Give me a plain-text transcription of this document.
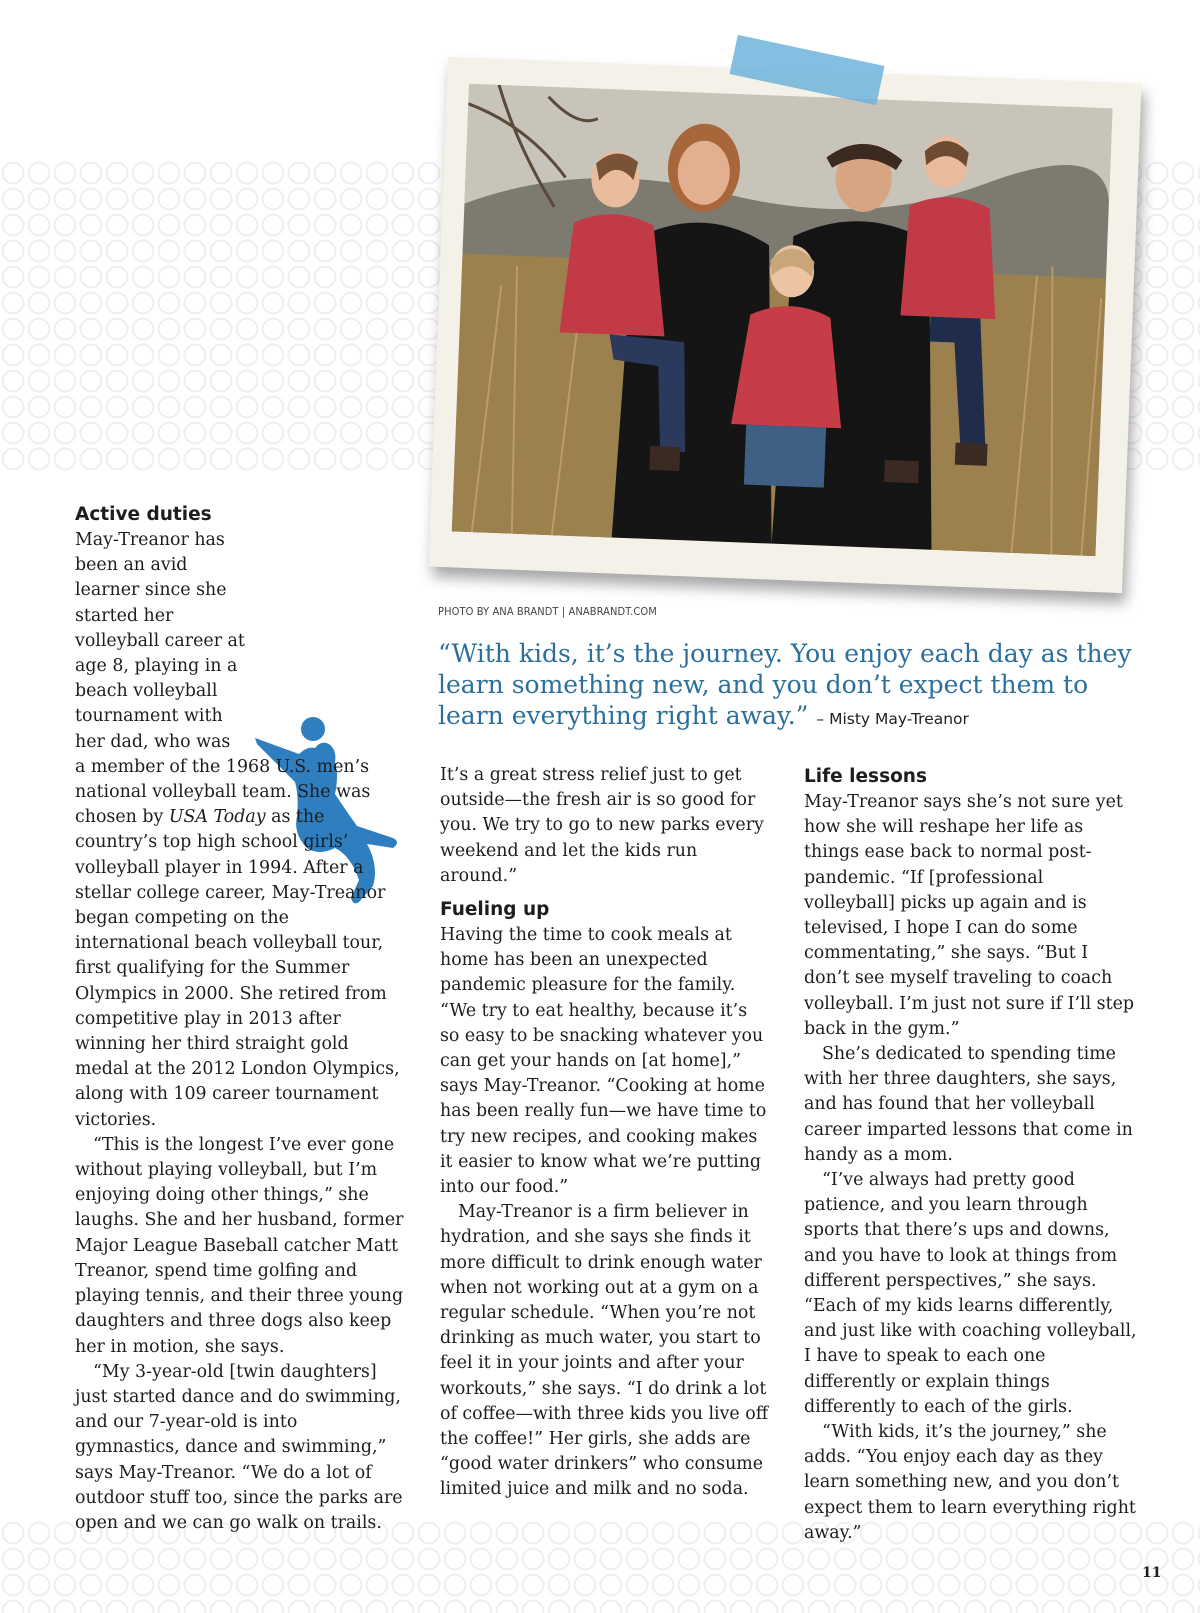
PHOTO BY ANA BRANDT | ANABRANDT.COM
“With kids, it’s the journey. You enjoy each day as they learn something new, and you don’t expect them to learn everything right away.” – Misty May-Treanor
Active duties

May-Treanor has been an avid learner since she started her volleyball career at age 8, playing in a beach volleyball tournament with her dad, who was a member of the 1968 U.S. men’s national volleyball team. She was chosen by USA Today as the country’s top high school girls’ volleyball player in 1994. After a stellar college career, May-Treanor began competing on the international beach volleyball tour, first qualifying for the Summer Olympics in 2000. She retired from competitive play in 2013 after winning her third straight gold medal at the 2012 London Olympics, along with 109 career tournament victories.

“This is the longest I’ve ever gone without playing volleyball, but I’m enjoying doing other things,” she laughs. She and her husband, former Major League Baseball catcher Matt Treanor, spend time golfing and playing tennis, and their three young daughters and three dogs also keep her in motion, she says.

“My 3-year-old [twin daughters] just started dance and do swimming, and our 7-year-old is into gymnastics, dance and swimming,” says May-Treanor. “We do a lot of outdoor stuff too, since the parks are open and we can go walk on trails.

It’s a great stress relief just to get outside—the fresh air is so good for you. We try to go to new parks every weekend and let the kids run around.”

Fueling up

Having the time to cook meals at home has been an unexpected pandemic pleasure for the family. “We try to eat healthy, because it’s so easy to be snacking whatever you can get your hands on [at home],” says May-Treanor. “Cooking at home has been really fun—we have time to try new recipes, and cooking makes it easier to know what we’re putting into our food.”

May-Treanor is a firm believer in hydration, and she says she finds it more difficult to drink enough water when not working out at a gym on a regular schedule. “When you’re not drinking as much water, you start to feel it in your joints and after your workouts,” she says. “I do drink a lot of coffee—with three kids you live off the coffee!” Her girls, she adds are “good water drinkers” who consume limited juice and milk and no soda.

Life lessons

May-Treanor says she’s not sure yet how she will reshape her life as things ease back to normal post-pandemic. “If [professional volleyball] picks up again and is televised, I hope I can do some commentating,” she says. “But I don’t see myself traveling to coach volleyball. I’m just not sure if I’ll step back in the gym.”

She’s dedicated to spending time with her three daughters, she says, and has found that her volleyball career imparted lessons that come in handy as a mom.

“I’ve always had pretty good patience, and you learn through sports that there’s ups and downs, and you have to look at things from different perspectives,” she says. “Each of my kids learns differently, and just like with coaching volleyball, I have to speak to each one differently or explain things differently to each of the girls.

“With kids, it’s the journey,” she adds. “You enjoy each day as they learn something new, and you don’t expect them to learn everything right away.”

11
